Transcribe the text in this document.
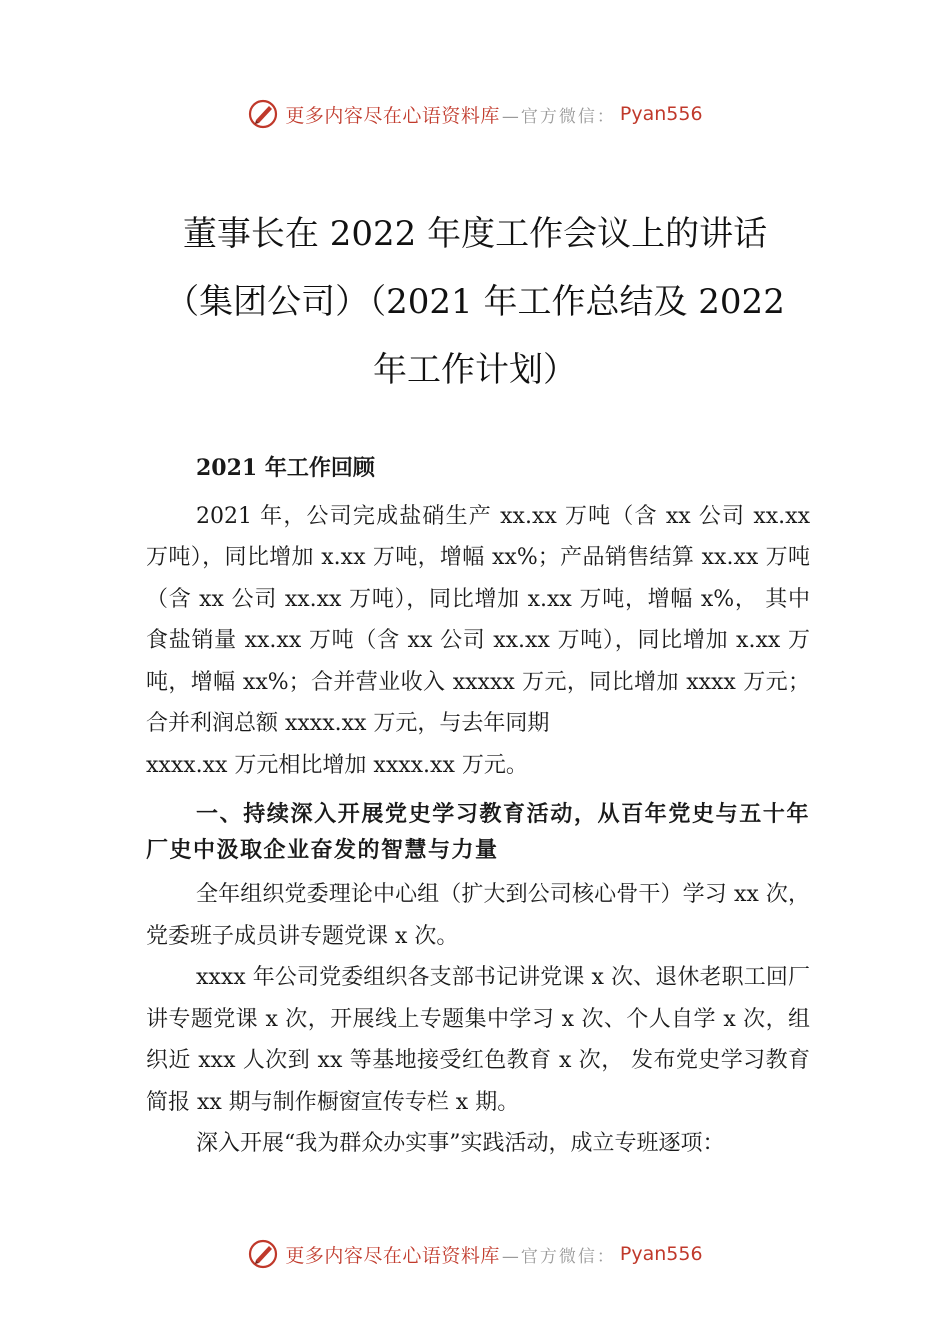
更多内容尽在心语资料库 —官方微信： Pyan556
董事长在 2022 年度工作会议上的讲话
（集团公司）（2021 年工作总结及 2022
年工作计划）

2021 年工作回顾

2021 年，公司完成盐硝生产 xx.xx 万吨（含 xx 公司 xx.xx 万吨），同比增加 x.xx 万吨，增幅 xx%；产品销售结算 xx.xx 万吨（含 xx 公司 xx.xx 万吨），同比增加 x.xx 万吨，增幅 x%， 其中食盐销量 xx.xx 万吨（含 xx 公司 xx.xx 万吨），同比增加 x.xx 万吨，增幅 xx%；合并营业收入 xxxxx 万元，同比增加 xxxx 万元；合并利润总额 xxxx.xx 万元，与去年同期

xxxx.xx 万元相比增加 xxxx.xx 万元。

一、持续深入开展党史学习教育活动，从百年党史与五十年厂史中汲取企业奋发的智慧与力量

全年组织党委理论中心组（扩大到公司核心骨干）学习 xx 次，党委班子成员讲专题党课 x 次。

xxxx 年公司党委组织各支部书记讲党课 x 次、退休老职工回厂讲专题党课 x 次，开展线上专题集中学习 x 次、个人自学 x 次，组织近 xxx 人次到 xx 等基地接受红色教育 x 次， 发布党史学习教育简报 xx 期与制作橱窗宣传专栏 x 期。

深入开展“我为群众办实事”实践活动，成立专班逐项：

更多内容尽在心语资料库 —官方微信： Pyan556
